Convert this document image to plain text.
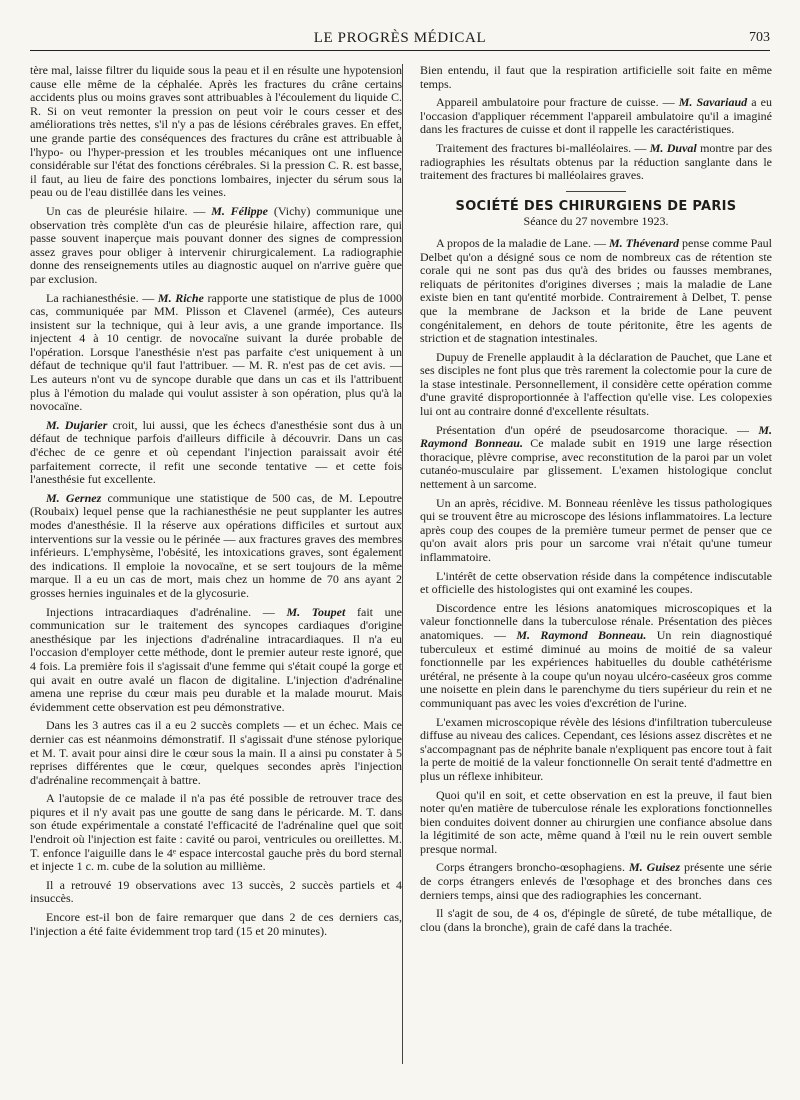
LE PROGRÈS MÉDICAL	703

tère mal, laisse filtrer du liquide sous la peau et il en résulte une hypotension cause elle même de la céphalée. Après les fractures du crâne certains accidents plus ou moins graves sont attribuables à l'écoulement du liquide C. R. Si on veut remonter la pression on peut voir le cours cesser et des améliorations très nettes, s'il n'y a pas de lésions cérébrales graves. En effet, une grande partie des conséquences des fractures du crâne est attribuable à l'hypo- ou l'hyper-pression et les troubles mécaniques ont une influence considérable sur l'état des fonctions cérébrales. Si la pression C. R. est basse, il faut, au lieu de faire des ponctions lombaires, injecter du sérum sous la peau ou de l'eau distillée dans les veines.

Un cas de pleurésie hilaire. — M. Félippe (Vichy) communique une observation très complète d'un cas de pleurésie hilaire, affection rare, qui passe souvent inaperçue mais pouvant donner des signes de compression assez graves pour obliger à intervenir chirurgicalement. La radiographie donne des renseignements utiles au diagnostic auquel on n'arrive guère que par exclusion.

La rachianesthésie. — M. Riche rapporte une statistique de plus de 1000 cas, communiquée par MM. Plisson et Clavenel (armée), Ces auteurs insistent sur la technique, qui à leur avis, a une grande importance. Ils injectent 4 à 10 centigr. de novocaïne suivant la durée probable de l'opération. Lorsque l'anesthésie n'est pas parfaite c'est uniquement à un défaut de technique qu'il faut l'attribuer. — M. R. n'est pas de cet avis. — Les auteurs n'ont vu de syncope durable que dans un cas et ils l'attribuent plus à l'émotion du malade qui voulut assister à son opération, plus qu'à la novocaïne.

M. Dujarier croit, lui aussi, que les échecs d'anesthésie sont dus à un défaut de technique parfois d'ailleurs difficile à découvrir. Dans un cas d'échec de ce genre et où cependant l'injection paraissait avoir été parfaitement correcte, il refit une seconde tentative — et cette fois l'anesthésie fut excellente.

M. Gernez communique une statistique de 500 cas, de M. Lepoutre (Roubaix) lequel pense que la rachianesthésie ne peut supplanter les autres modes d'anesthésie. Il la réserve aux opérations difficiles et surtout aux interventions sur la vessie ou le périnée — aux fractures graves des membres inférieurs. L'emphysème, l'obésité, les intoxications graves, sont également des indications. Il emploie la novocaïne, et se sert toujours de la même marque. Il a eu un cas de mort, mais chez un homme de 70 ans ayant 2 grosses hernies inguinales et de la glycosurie.

Injections intracardiaques d'adrénaline. — M. Toupet fait une communication sur le traitement des syncopes cardiaques d'origine anesthésique par les injections d'adrénaline intracardiaques. Il n'a eu l'occasion d'employer cette méthode, dont le premier auteur reste ignoré, que 4 fois. La première fois il s'agissait d'une femme qui s'était coupé la gorge et qui avait en outre avalé un flacon de digitaline. L'injection d'adrénaline amena une reprise du cœur mais peu durable et la malade mourut. Mais évidemment cette observation est peu démonstrative.

Dans les 3 autres cas il a eu 2 succès complets — et un échec. Mais ce dernier cas est néanmoins démonstratif. Il s'agissait d'une sténose pylorique et M. T. avait pour ainsi dire le cœur sous la main. Il a ainsi pu constater à 5 reprises différentes que le cœur, quelques secondes après l'injection d'adrénaline recommençait à battre.

A l'autopsie de ce malade il n'a pas été possible de retrouver trace des piqures et il n'y avait pas une goutte de sang dans le péricarde. M. T. dans son étude expérimentale a constaté l'efficacité de l'adrénaline quel que soit l'endroit où l'injection est faite : cavité ou paroi, ventricules ou oreillettes. M. T. enfonce l'aiguille dans le 4ᵉ espace intercostal gauche près du bord sternal et injecte 1 c. m. cube de la solution au millième.

Il a retrouvé 19 observations avec 13 succès, 2 succès partiels et 4 insuccès.

Encore est-il bon de faire remarquer que dans 2 de ces derniers cas, l'injection a été faite évidemment trop tard (15 et 20 minutes).

Bien entendu, il faut que la respiration artificielle soit faite en même temps.

Appareil ambulatoire pour fracture de cuisse. — M. Savariaud a eu l'occasion d'appliquer récemment l'appareil ambulatoire qu'il a imaginé dans les fractures de cuisse et dont il rappelle les caractéristiques.

Traitement des fractures bi-malléolaires. — M. Duval montre par des radiographies les résultats obtenus par la réduction sanglante dans le traitement des fractures bi malléolaires graves.

SOCIÉTÉ DES CHIRURGIENS DE PARIS
Séance du 27 novembre 1923.

A propos de la maladie de Lane. — M. Thévenard pense comme Paul Delbet qu'on a désigné sous ce nom de nombreux cas de rétention ste corale qui ne sont pas dus qu'à des brides ou fausses membranes, reliquats de péritonites d'origines diverses ; mais la maladie de Lane existe bien en tant qu'entité morbide. Contrairement à Delbet, T. pense que la membrane de Jackson et la bride de Lane peuvent congénitalement, en dehors de toute péritonite, être les agents de striction et de stagnation intestinales.

Dupuy de Frenelle applaudit à la déclaration de Pauchet, que Lane et ses disciples ne font plus que très rarement la colectomie pour la cure de la stase intestinale. Personnellement, il considère cette opération comme d'une gravité disproportionnée à l'affection qu'elle vise. Les colopexies lui ont au contraire donné d'excellente résultats.

Présentation d'un opéré de pseudosarcome thoracique. — M. Raymond Bonneau. Ce malade subit en 1919 une large résection thoracique, plèvre comprise, avec reconstitution de la paroi par un volet cutanéo-musculaire par glissement. L'examen histologique conclut nettement à un sarcome.

Un an après, récidive. M. Bonneau réenlève les tissus pathologiques qui se trouvent être au microscope des lésions inflammatoires. La lecture après coup des coupes de la première tumeur permet de penser que ce qu'on avait alors pris pour un sarcome vrai n'était qu'une tumeur inflammatoire.

L'intérêt de cette observation réside dans la compétence indiscutable et officielle des histologistes qui ont examiné les coupes.

Discordence entre les lésions anatomiques microscopiques et la valeur fonctionnelle dans la tuberculose rénale. Présentation des pièces anatomiques. — M. Raymond Bonneau. Un rein diagnostiqué tuberculeux et estimé diminué au moins de moitié de sa valeur fonctionnelle par les expériences habituelles du double cathétérisme urétéral, ne présente à la coupe qu'un noyau ulcéro-caséeux gros comme une noisette en plein dans le parenchyme du tiers supérieur du rein et ne communiquant pas avec les voies d'excrétion de l'urine.

L'examen microscopique révèle des lésions d'infiltration tuberculeuse diffuse au niveau des calices. Cependant, ces lésions assez discrètes et ne s'accompagnant pas de néphrite banale n'expliquent pas encore tout à fait la perte de moitié de la valeur fonctionnelle On serait tenté d'admettre en plus un réflexe inhibiteur.

Quoi qu'il en soit, et cette observation en est la preuve, il faut bien noter qu'en matière de tuberculose rénale les explorations fonctionnelles bien conduites doivent donner au chirurgien une confiance absolue dans la légitimité de son acte, même quand à l'œil nu le rein ouvert semble presque normal.

Corps étrangers broncho-œsophagiens. M. Guisez présente une série de corps étrangers enlevés de l'œsophage et des bronches dans ces derniers temps, ainsi que des radiographies les concernant.

Il s'agit de sou, de 4 os, d'épingle de sûreté, de tube métallique, de clou (dans la bronche), grain de café dans la trachée.
